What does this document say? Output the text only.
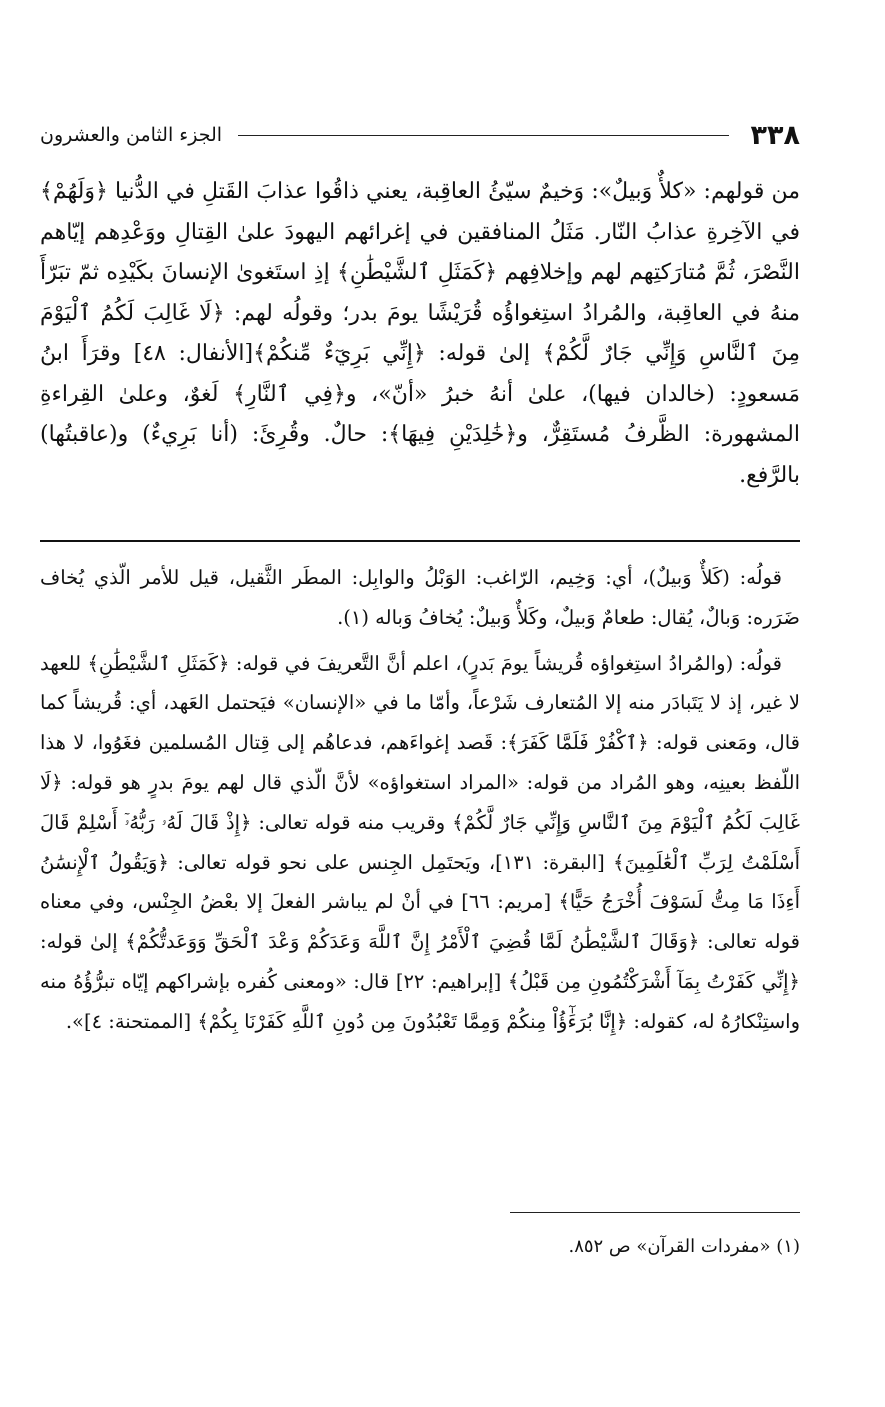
٣٣٨
الجزء الثامن والعشرون

من قولهم: «كلأٌ وَبيلٌ»: وَخيمٌ سيّئُ العاقِبة، يعني ذاقُوا عذابَ القَتلِ في الدُّنيا ﴿وَلَهُمْ﴾ في الآخِرةِ عذابُ النّار. مَثَلُ المنافقين في إغرائهم اليهودَ علىٰ القِتالِ ووَعْدِهم إيّاهم النَّصْرَ، ثُمَّ مُتارَكتِهم لهم وإخلافِهم ﴿كَمَثَلِ ٱلشَّيْطَٰنِ﴾ إذِ استَغوىٰ الإنسانَ بكَيْدِه ثمّ تبَرّأَ منهُ في العاقِبة، والمُرادُ استِغواؤُه قُرَيْشًا يومَ بدر؛ وقولُه لهم: ﴿لَا غَالِبَ لَكُمُ ٱلْيَوْمَ مِنَ ٱلنَّاسِ وَإِنِّي جَارٌ لَّكُمْ﴾ إلىٰ قوله: ﴿إِنِّي بَرِيٓءٌ مِّنكُمْ﴾[الأنفال: ٤٨] وقرَأَ ابنُ مَسعودٍ: (خالدان فيها)، علىٰ أنهُ خبرُ «أنّ»، و﴿فِي ٱلنَّارِ﴾ لَغوٌ، وعلىٰ القِراءةِ المشهورة: الظَّرفُ مُستَقِرٌّ، و﴿خَٰلِدَيْنِ فِيهَا﴾: حالٌ. وقُرِئَ: (أنا بَرِيءٌ) و(عاقبتُها) بالرَّفع.

قولُه: (كَلأٌ وَبيلٌ)، أي: وَخِيم، الرّاغب: الوَبْلُ والوابِل: المطَر الثَّقيل، قيل للأمر الّذي يُخاف ضَرَره: وَبالٌ، يُقال: طعامٌ وَبيلٌ، وكَلأٌ وَبيلٌ: يُخافُ وَباله (١).

قولُه: (والمُرادُ استِغواؤه قُريشاً يومَ بَدرٍ)، اعلم أنَّ التَّعريفَ في قوله: ﴿كَمَثَلِ ٱلشَّيْطَٰنِ﴾ للعهد لا غير، إذ لا يَتَبادَر منه إلا المُتعارف شَرْعاً، وأمّا ما في «الإنسان» فيَحتمل العَهد، أي: قُريشاً كما قال، ومَعنى قوله: ﴿ٱكْفُرْ فَلَمَّا كَفَرَ﴾: قَصد إغواءَهم، فدعاهُم إلى قِتال المُسلمين فغَوُوا، لا هذا اللّفظ بعينِه، وهو المُراد من قوله: «المراد استغواؤه» لأنَّ الّذي قال لهم يومَ بدرٍ هو قوله: ﴿لَا غَالِبَ لَكُمُ ٱلْيَوْمَ مِنَ ٱلنَّاسِ وَإِنِّي جَارٌ لَّكُمْ﴾ وقريب منه قوله تعالى: ﴿إِذْ قَالَ لَهُۥ رَبُّهُۥٓ أَسْلِمْ قَالَ أَسْلَمْتُ لِرَبِّ ٱلْعَٰلَمِينَ﴾ [البقرة: ١٣١]، ويَحتَمِل الجِنس على نحو قوله تعالى: ﴿وَيَقُولُ ٱلْإِنسَٰنُ أَءِذَا مَا مِتُّ لَسَوْفَ أُخْرَجُ حَيًّا﴾ [مريم: ٦٦] في أنْ لم يباشر الفعلَ إلا بعْضُ الجِنْس، وفي معناه قوله تعالى: ﴿وَقَالَ ٱلشَّيْطَٰنُ لَمَّا قُضِيَ ٱلْأَمْرُ إِنَّ ٱللَّهَ وَعَدَكُمْ وَعْدَ ٱلْحَقِّ وَوَعَدتُّكُمْ﴾ إلىٰ قوله: ﴿إِنِّي كَفَرْتُ بِمَآ أَشْرَكْتُمُونِ مِن قَبْلُ﴾ [إبراهيم: ٢٢] قال: «ومعنى كُفره بإشراكهم إيّاه تبرُّؤُهُ منه واستِنْكارُهُ له، كقوله: ﴿إِنَّا بُرَءَٰٓؤُاْ مِنكُمْ وَمِمَّا تَعْبُدُونَ مِن دُونِ ٱللَّهِ كَفَرْنَا بِكُمْ﴾ [الممتحنة: ٤]».

(١) «مفردات القرآن» ص ٨٥٢.
